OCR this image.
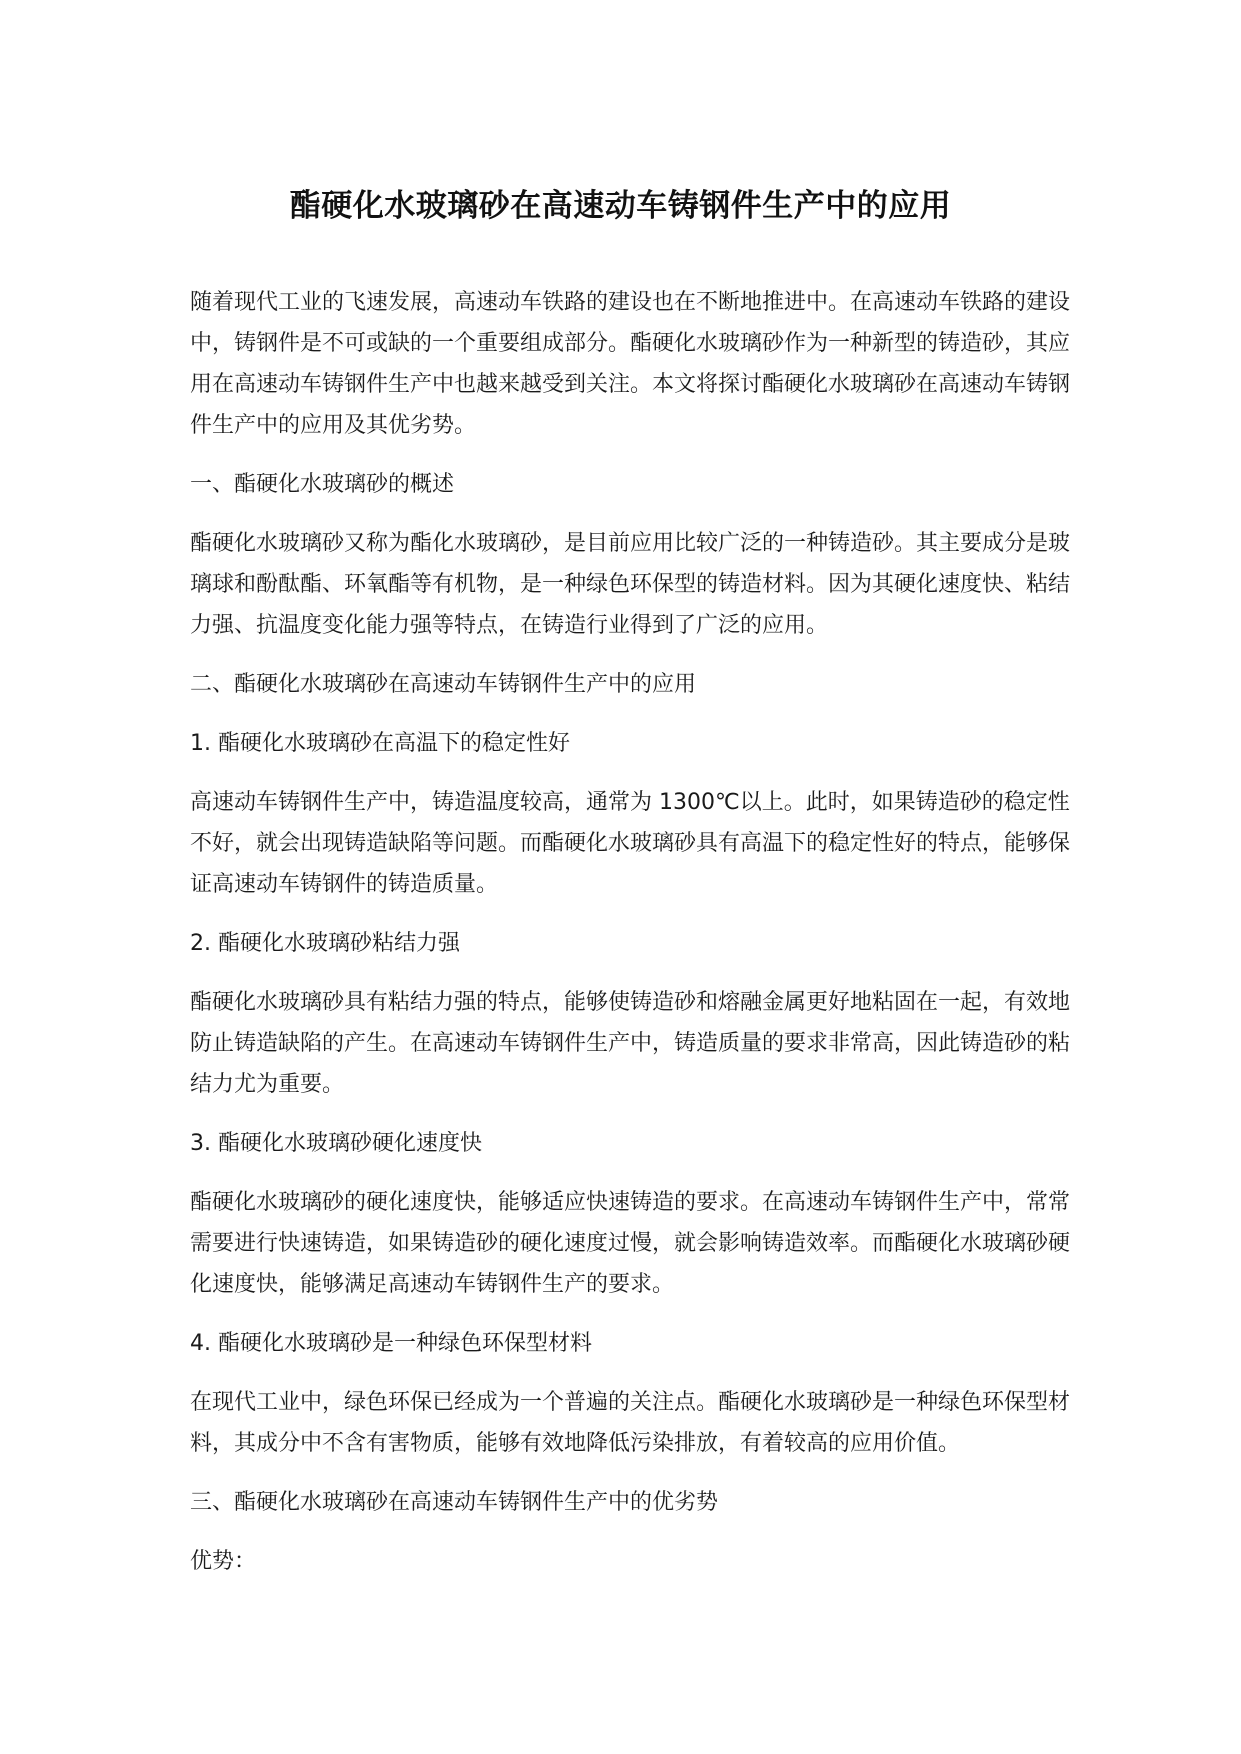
酯硬化水玻璃砂在高速动车铸钢件生产中的应用

随着现代工业的飞速发展，高速动车铁路的建设也在不断地推进中。在高速动车铁路的建设中，铸钢件是不可或缺的一个重要组成部分。酯硬化水玻璃砂作为一种新型的铸造砂，其应用在高速动车铸钢件生产中也越来越受到关注。本文将探讨酯硬化水玻璃砂在高速动车铸钢件生产中的应用及其优劣势。

一、酯硬化水玻璃砂的概述

酯硬化水玻璃砂又称为酯化水玻璃砂，是目前应用比较广泛的一种铸造砂。其主要成分是玻璃球和酚酞酯、环氧酯等有机物，是一种绿色环保型的铸造材料。因为其硬化速度快、粘结力强、抗温度变化能力强等特点，在铸造行业得到了广泛的应用。

二、酯硬化水玻璃砂在高速动车铸钢件生产中的应用

1. 酯硬化水玻璃砂在高温下的稳定性好

高速动车铸钢件生产中，铸造温度较高，通常为 1300℃以上。此时，如果铸造砂的稳定性不好，就会出现铸造缺陷等问题。而酯硬化水玻璃砂具有高温下的稳定性好的特点，能够保证高速动车铸钢件的铸造质量。

2. 酯硬化水玻璃砂粘结力强

酯硬化水玻璃砂具有粘结力强的特点，能够使铸造砂和熔融金属更好地粘固在一起，有效地防止铸造缺陷的产生。在高速动车铸钢件生产中，铸造质量的要求非常高，因此铸造砂的粘结力尤为重要。

3. 酯硬化水玻璃砂硬化速度快

酯硬化水玻璃砂的硬化速度快，能够适应快速铸造的要求。在高速动车铸钢件生产中，常常需要进行快速铸造，如果铸造砂的硬化速度过慢，就会影响铸造效率。而酯硬化水玻璃砂硬化速度快，能够满足高速动车铸钢件生产的要求。

4. 酯硬化水玻璃砂是一种绿色环保型材料

在现代工业中，绿色环保已经成为一个普遍的关注点。酯硬化水玻璃砂是一种绿色环保型材料，其成分中不含有害物质，能够有效地降低污染排放，有着较高的应用价值。

三、酯硬化水玻璃砂在高速动车铸钢件生产中的优劣势

优势：
